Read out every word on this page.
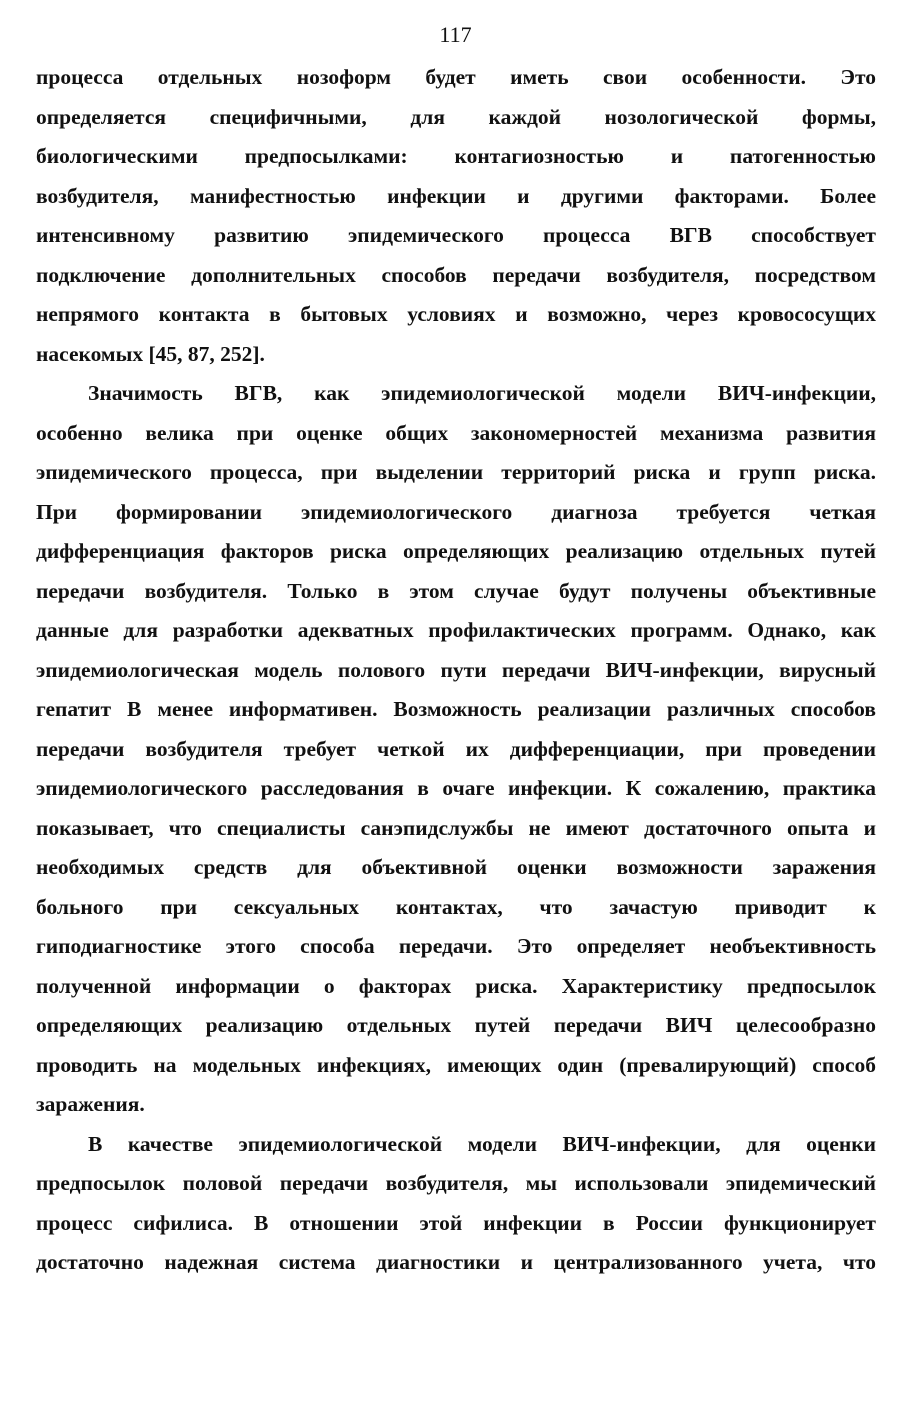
117
процесса отдельных нозоформ будет иметь свои особенности. Это
определяется специфичными, для каждой нозологической формы,
биологическими предпосылками: контагиозностью и патогенностью
возбудителя, манифестностью инфекции и другими факторами. Более
интенсивному развитию эпидемического процесса ВГВ способствует
подключение дополнительных способов передачи возбудителя, посредством
непрямого контакта в бытовых условиях и возможно, через кровососущих
насекомых [45, 87, 252].
Значимость ВГВ, как эпидемиологической модели ВИЧ-инфекции,
особенно велика при оценке общих закономерностей механизма развития
эпидемического процесса, при выделении территорий риска и групп риска.
При формировании эпидемиологического диагноза требуется четкая
дифференциация факторов риска определяющих реализацию отдельных путей
передачи возбудителя. Только в этом случае будут получены объективные
данные для разработки адекватных профилактических программ. Однако, как
эпидемиологическая модель полового пути передачи ВИЧ-инфекции, вирусный
гепатит В менее информативен. Возможность реализации различных способов
передачи возбудителя требует четкой их дифференциации, при проведении
эпидемиологического расследования в очаге инфекции. К сожалению, практика
показывает, что специалисты санэпидслужбы не имеют достаточного опыта и
необходимых средств для объективной оценки возможности заражения
больного при сексуальных контактах, что зачастую приводит к
гиподиагностике этого способа передачи. Это определяет необъективность
полученной информации о факторах риска. Характеристику предпосылок
определяющих реализацию отдельных путей передачи ВИЧ целесообразно
проводить на модельных инфекциях, имеющих один (превалирующий) способ
заражения.
В качестве эпидемиологической модели ВИЧ-инфекции, для оценки
предпосылок половой передачи возбудителя, мы использовали эпидемический
процесс сифилиса. В отношении этой инфекции в России функционирует
достаточно надежная система диагностики и централизованного учета, что
